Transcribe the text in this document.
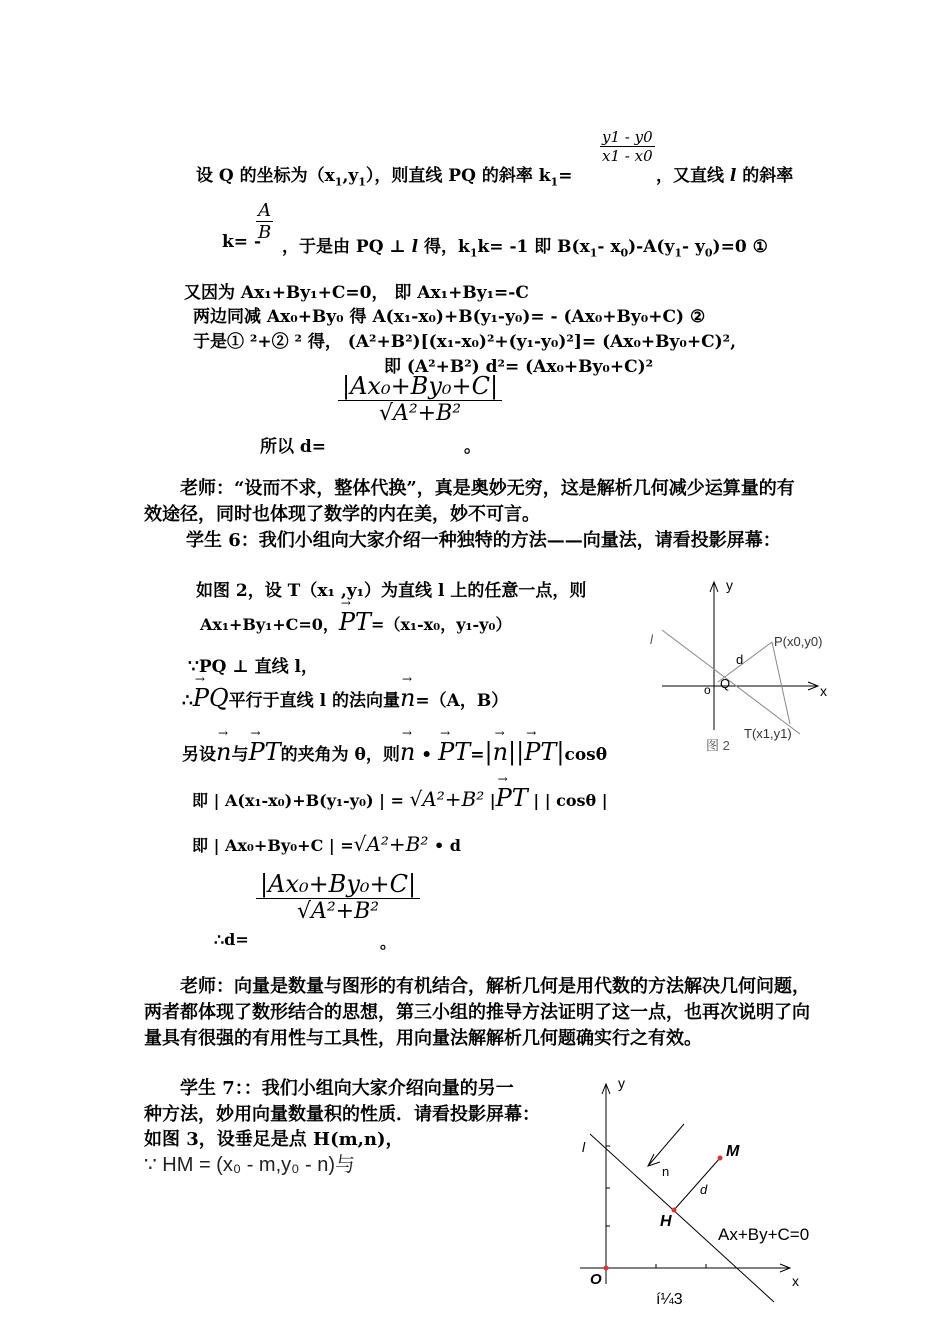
$\frac{y1 - y0}{x1 - x0}$
设 Q 的坐标为$(x_1,y_1)$，则直线 PQ 的斜率 $k_1=$	，又直线 l 的斜率
$\frac{A}{B}$
k= - ，于是由 PQ ⊥ l 得，$k_1k= -1$ 即 $B(x_1-$ $x_0)-A(y_1-$ $y_0)=0$ ①
又因为 Ax₁+By₁+C=0， 即 Ax₁+By₁=-C
两边同减 Ax₀+By₀ 得 A(x₁-x₀)+B(y₁-y₀)= - (Ax₀+By₀+C) ②
于是① ²+② ² 得， (A²+B²)[(x₁-x₀)²+(y₁-y₀)²]= (Ax₀+By₀+C)²,
即 (A²+B²) d²= (Ax₀+By₀+C)²
$\frac{\text{|Ax₀+By₀+C|}}{\text{√A²+B²}}$
所以 d=	。
老师：“设而不求，整体代换”，真是奥妙无穷，这是解析几何减少运算量的有效途径，同时也体现了数学的内在美，妙不可言。
学生 6：我们小组向大家介绍一种独特的方法——向量法，请看投影屏幕：
如图 2，设 T（x₁ ,y₁）为直线 l 上的任意一点，则
Ax₁+By₁+C=0，→ PT=（x₁-x₀，y₁-y₀）
∵PQ ⊥ 直线 l，
∴→ PQ平行于直线 l 的法向量→ n=（A，B）
另设→ n与→ PT的夹角为 θ，则→ n • → PT=|→ n||→ PT|cosθ
即 | A(x₁-x₀)+B(y₁-y₀) | = √A²+B² |→ PT | | cosθ |
即 | Ax₀+By₀+C | =√A²+B² • d
$\frac{\text{|Ax₀+By₀+C|}}{\text{√A²+B²}}$
∴d=	。
y
x
o Q
d
l	P(x0,y0)
T(x1,y1)
图 2
老师：向量是数量与图形的有机结合，解析几何是用代数的方法解决几何问题，两者都体现了数形结合的思想，第三小组的推导方法证明了这一点，也再次说明了向量具有很强的有用性与工具性，用向量法解解析几何题确实行之有效。
学生 7：：我们小组向大家介绍向量的另一
种方法，妙用向量数量积的性质．请看投影屏幕：
如图 3，设垂足是点 H(m,n)，
∵ HM = (x₀ - m,y₀ - n)与
y
x
O
l	M
H
n
d
Ax+By+C=0
í¼3
